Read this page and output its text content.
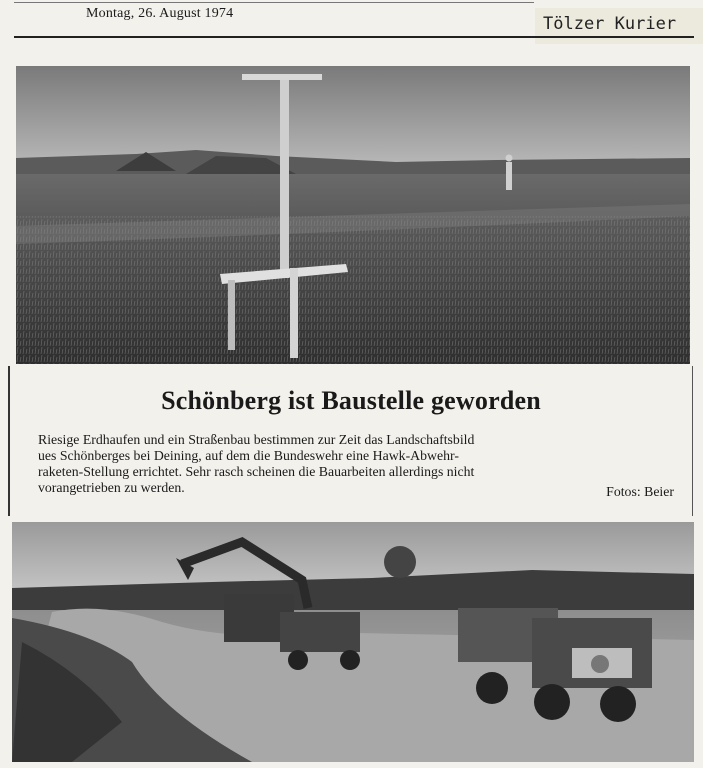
Montag, 26. August 1974
Tölzer Kurier
Schönberg ist Baustelle geworden
Riesige Erdhaufen und ein Straßenbau bestimmen zur Zeit das Landschaftsbild
ues Schönberges bei Deining, auf dem die Bundeswehr eine Hawk-Abwehr-
raketen-Stellung errichtet. Sehr rasch scheinen die Bauarbeiten allerdings nicht
vorangetrieben zu werden.	Fotos: Beier
